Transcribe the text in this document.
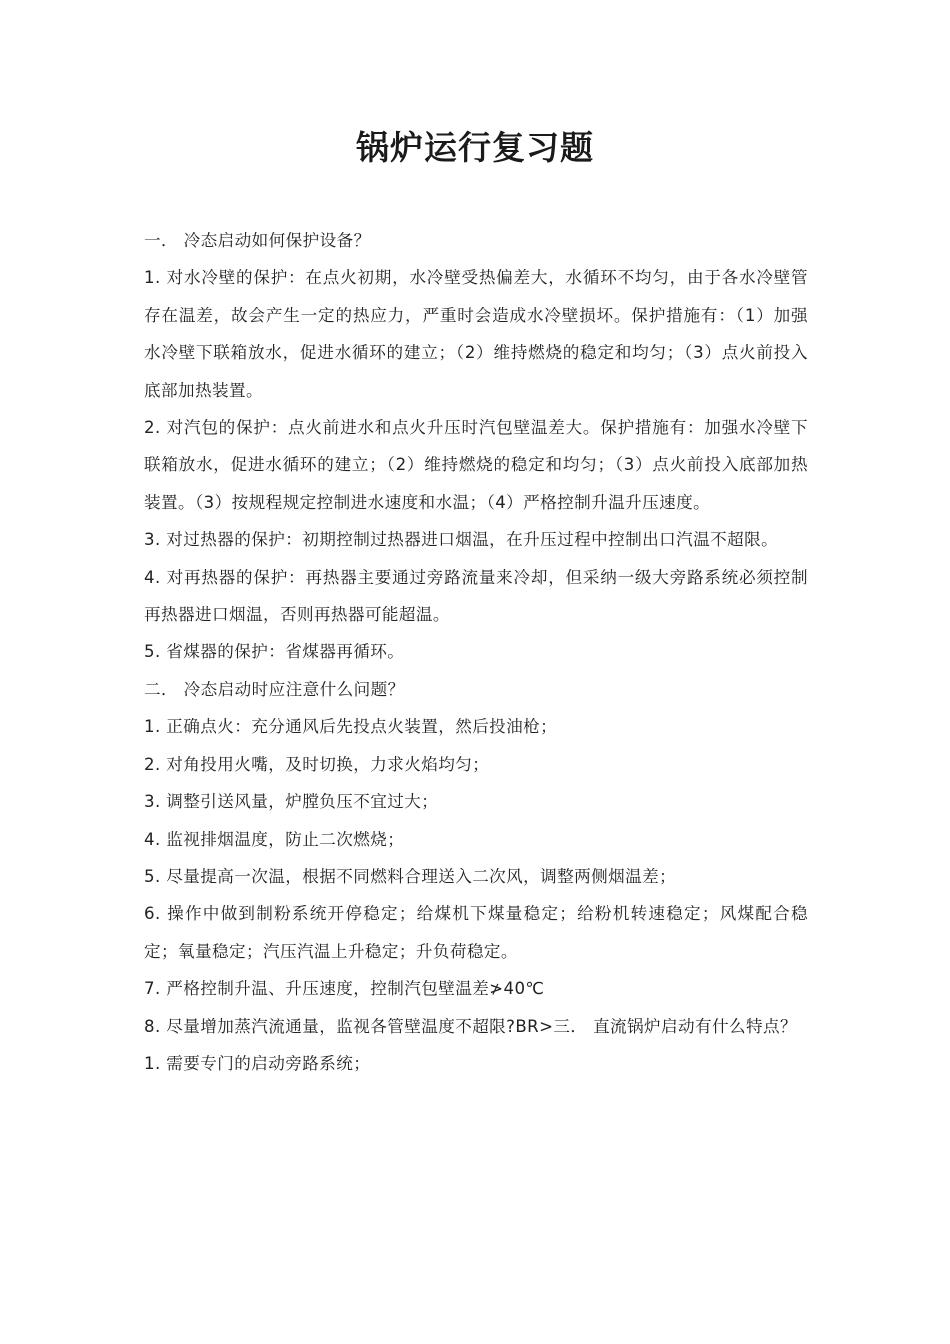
锅炉运行复习题

一． 冷态启动如何保护设备？

1. 对水冷壁的保护：在点火初期，水冷壁受热偏差大，水循环不均匀，由于各水冷壁管存在温差，故会产生一定的热应力，严重时会造成水冷壁损坏。保护措施有：（1）加强水冷壁下联箱放水，促进水循环的建立；（2）维持燃烧的稳定和均匀；（3）点火前投入底部加热装置。

2. 对汽包的保护：点火前进水和点火升压时汽包壁温差大。保护措施有：加强水冷壁下联箱放水，促进水循环的建立；（2）维持燃烧的稳定和均匀；（3）点火前投入底部加热装置。（3）按规程规定控制进水速度和水温；（4）严格控制升温升压速度。

3. 对过热器的保护：初期控制过热器进口烟温，在升压过程中控制出口汽温不超限。

4. 对再热器的保护：再热器主要通过旁路流量来冷却，但采纳一级大旁路系统必须控制再热器进口烟温，否则再热器可能超温。

5. 省煤器的保护：省煤器再循环。

二． 冷态启动时应注意什么问题？

1. 正确点火：充分通风后先投点火装置，然后投油枪；

2. 对角投用火嘴，及时切换，力求火焰均匀；

3. 调整引送风量，炉膛负压不宜过大；

4. 监视排烟温度，防止二次燃烧；

5. 尽量提高一次温，根据不同燃料合理送入二次风，调整两侧烟温差；

6. 操作中做到制粉系统开停稳定；给煤机下煤量稳定；给粉机转速稳定；风煤配合稳定；氧量稳定；汽压汽温上升稳定；升负荷稳定。

7. 严格控制升温、升压速度，控制汽包壁温差≯40℃

8. 尽量增加蒸汽流通量，监视各管壁温度不超限?BR>三． 直流锅炉启动有什么特点？

1. 需要专门的启动旁路系统；
